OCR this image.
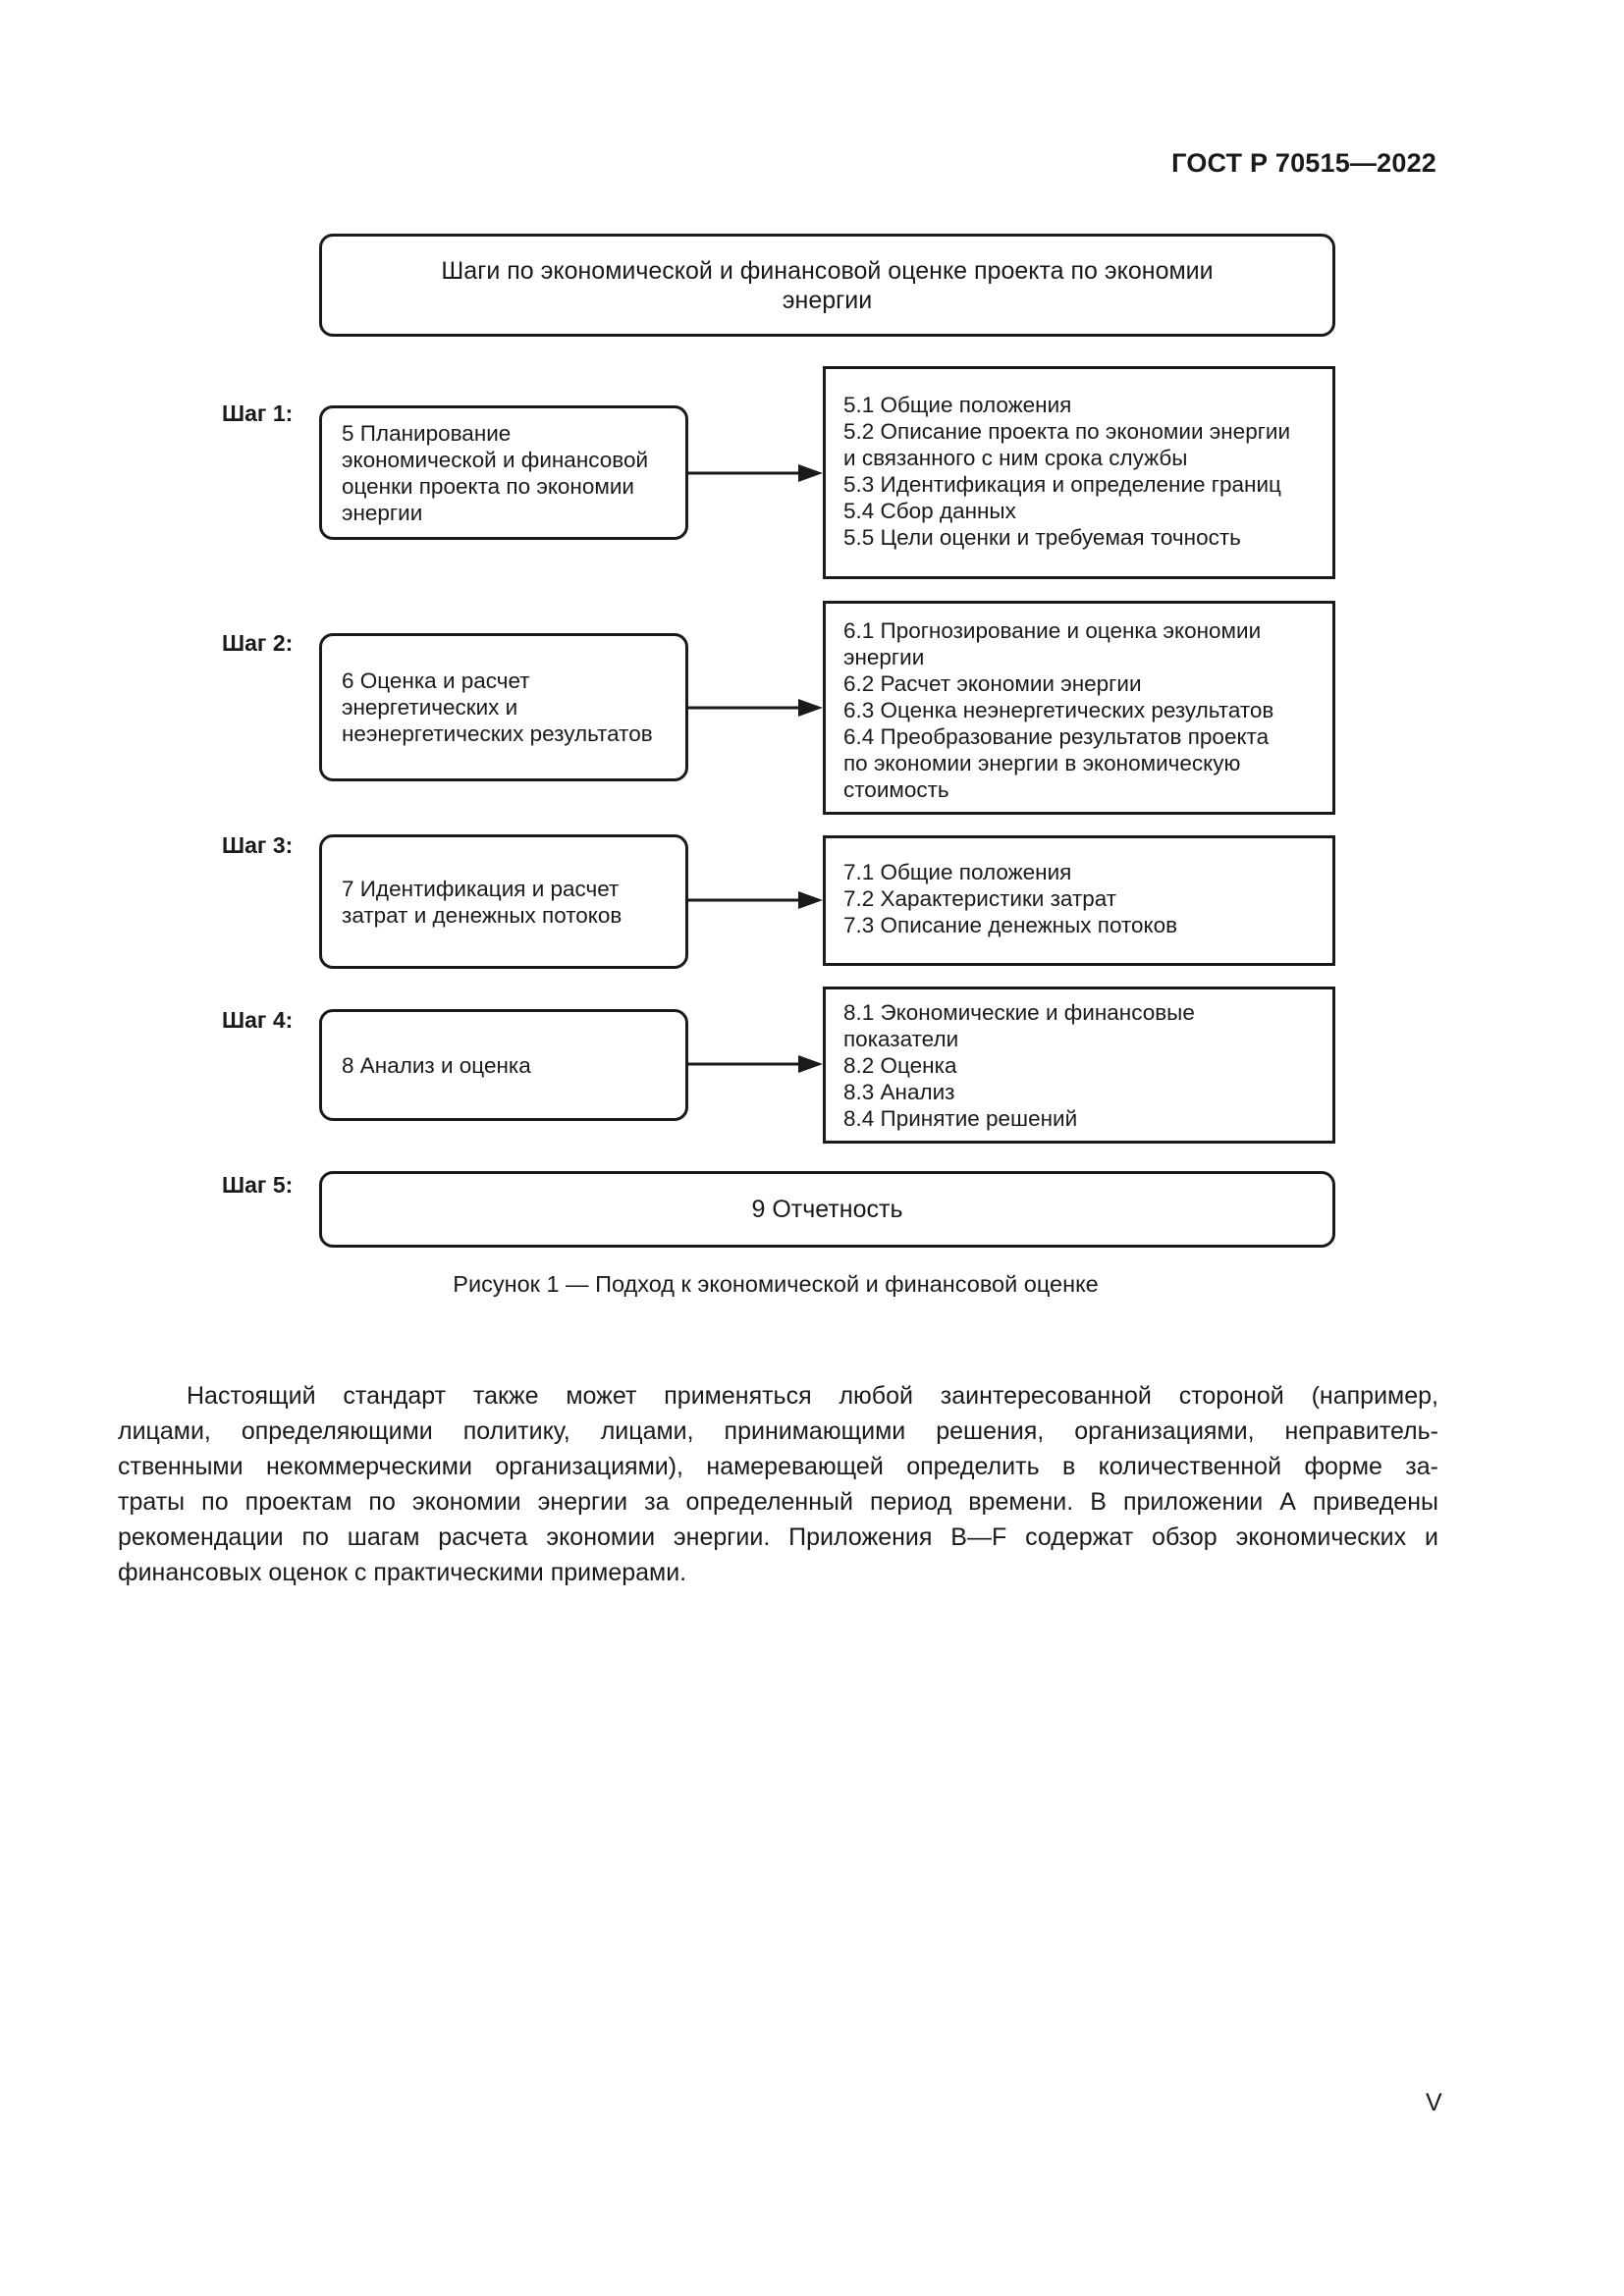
ГОСТ Р 70515—2022
Шаги по экономической и финансовой оценке проекта по экономии энергии
Шаг 1:
5 Планирование экономической и финансовой оценки проекта по экономии энергии
5.1 Общие положения
5.2 Описание проекта по экономии энергии
и связанного с ним срока службы
5.3 Идентификация и определение границ
5.4 Сбор данных
5.5 Цели оценки и требуемая точность
Шаг 2:
6 Оценка и расчет энергетических и неэнергетических результатов
6.1 Прогнозирование и оценка экономии
энергии
6.2 Расчет экономии энергии
6.3 Оценка неэнергетических результатов
6.4 Преобразование результатов проекта
по экономии энергии в экономическую
стоимость
Шаг 3:
7 Идентификация и расчет затрат и денежных потоков
7.1 Общие положения
7.2 Характеристики затрат
7.3 Описание денежных потоков
Шаг 4:
8 Анализ и оценка
8.1 Экономические и финансовые
показатели
8.2 Оценка
8.3 Анализ
8.4 Принятие решений
Шаг 5:
9 Отчетность
Рисунок 1 — Подход к экономической и финансовой оценке
Настоящий стандарт также может применяться любой заинтересованной стороной (например,
лицами, определяющими политику, лицами, принимающими решения, организациями, неправитель-
ственными некоммерческими организациями), намеревающей определить в количественной форме за-
траты по проектам по экономии энергии за определенный период времени. В приложении А приведены
рекомендации по шагам расчета экономии энергии. Приложения B—F содержат обзор экономических и
финансовых оценок с практическими примерами.
V
